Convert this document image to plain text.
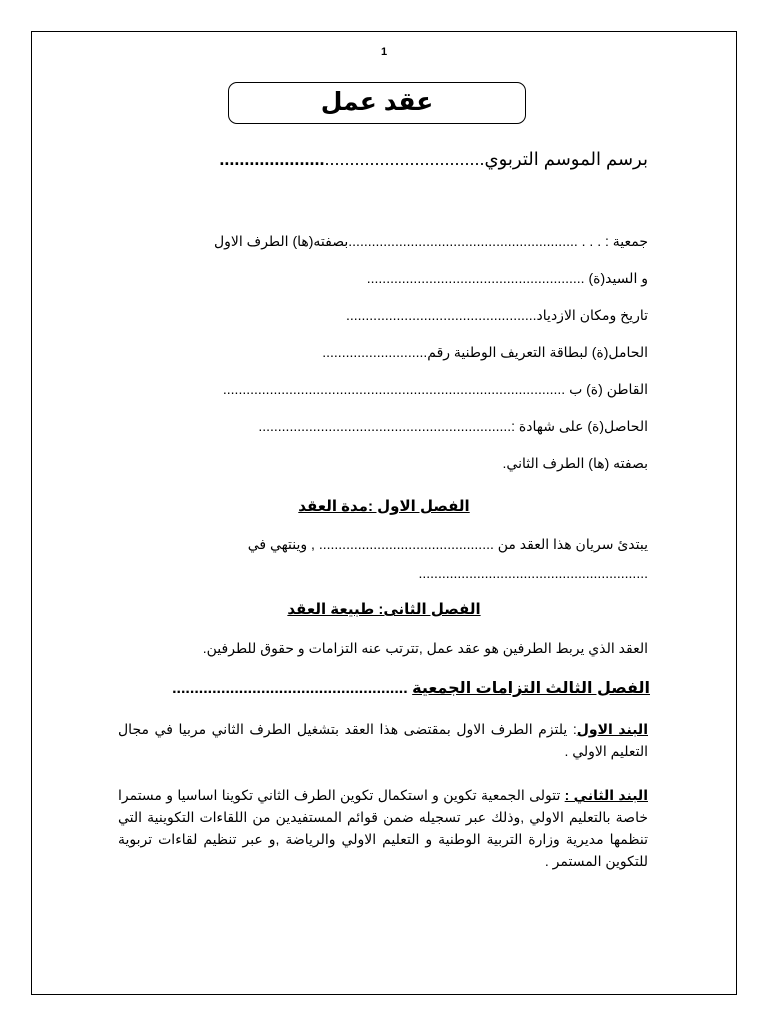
1
عقد عمل
برسم الموسم التربوي.....................................................
جمعية : . . . ...........................................................بصفته(ها) الطرف الاول
و السيد(ة) ........................................................
تاريخ ومكان الازدياد.................................................
الحامل(ة) لبطاقة التعريف الوطنية رقم...........................
القاطن (ة) ب ........................................................................................
الحاصل(ة) على شهادة :.................................................................
بصفته (ها) الطرف الثاني.
الفصل الاول :مدة العقد
يبتدئ سريان هذا العقد من ............................................. , وينتهي في
...........................................................
الفصل الثانى: طبيعة العقد
العقد الذي يربط الطرفين هو عقد عمل ,تترتب عنه التزامات و حقوق للطرفين.
الفصل الثالث التزامات الجمعية .....................................................
البند الاول: يلتزم الطرف الاول بمقتضى هذا العقد بتشغيل الطرف الثاني مربيا في مجال التعليم الاولي .
البند الثاني : تتولى الجمعية تكوين و استكمال تكوين الطرف الثاني تكوينا اساسيا و مستمرا خاصة بالتعليم الاولي ,وذلك عبر تسجيله ضمن قوائم المستفيدين من اللقاءات التكوينية التي تنظمها مديرية وزارة التربية الوطنية و التعليم الاولي والرياضة ,و عبر تنظيم لقاءات تربوية للتكوين المستمر .
